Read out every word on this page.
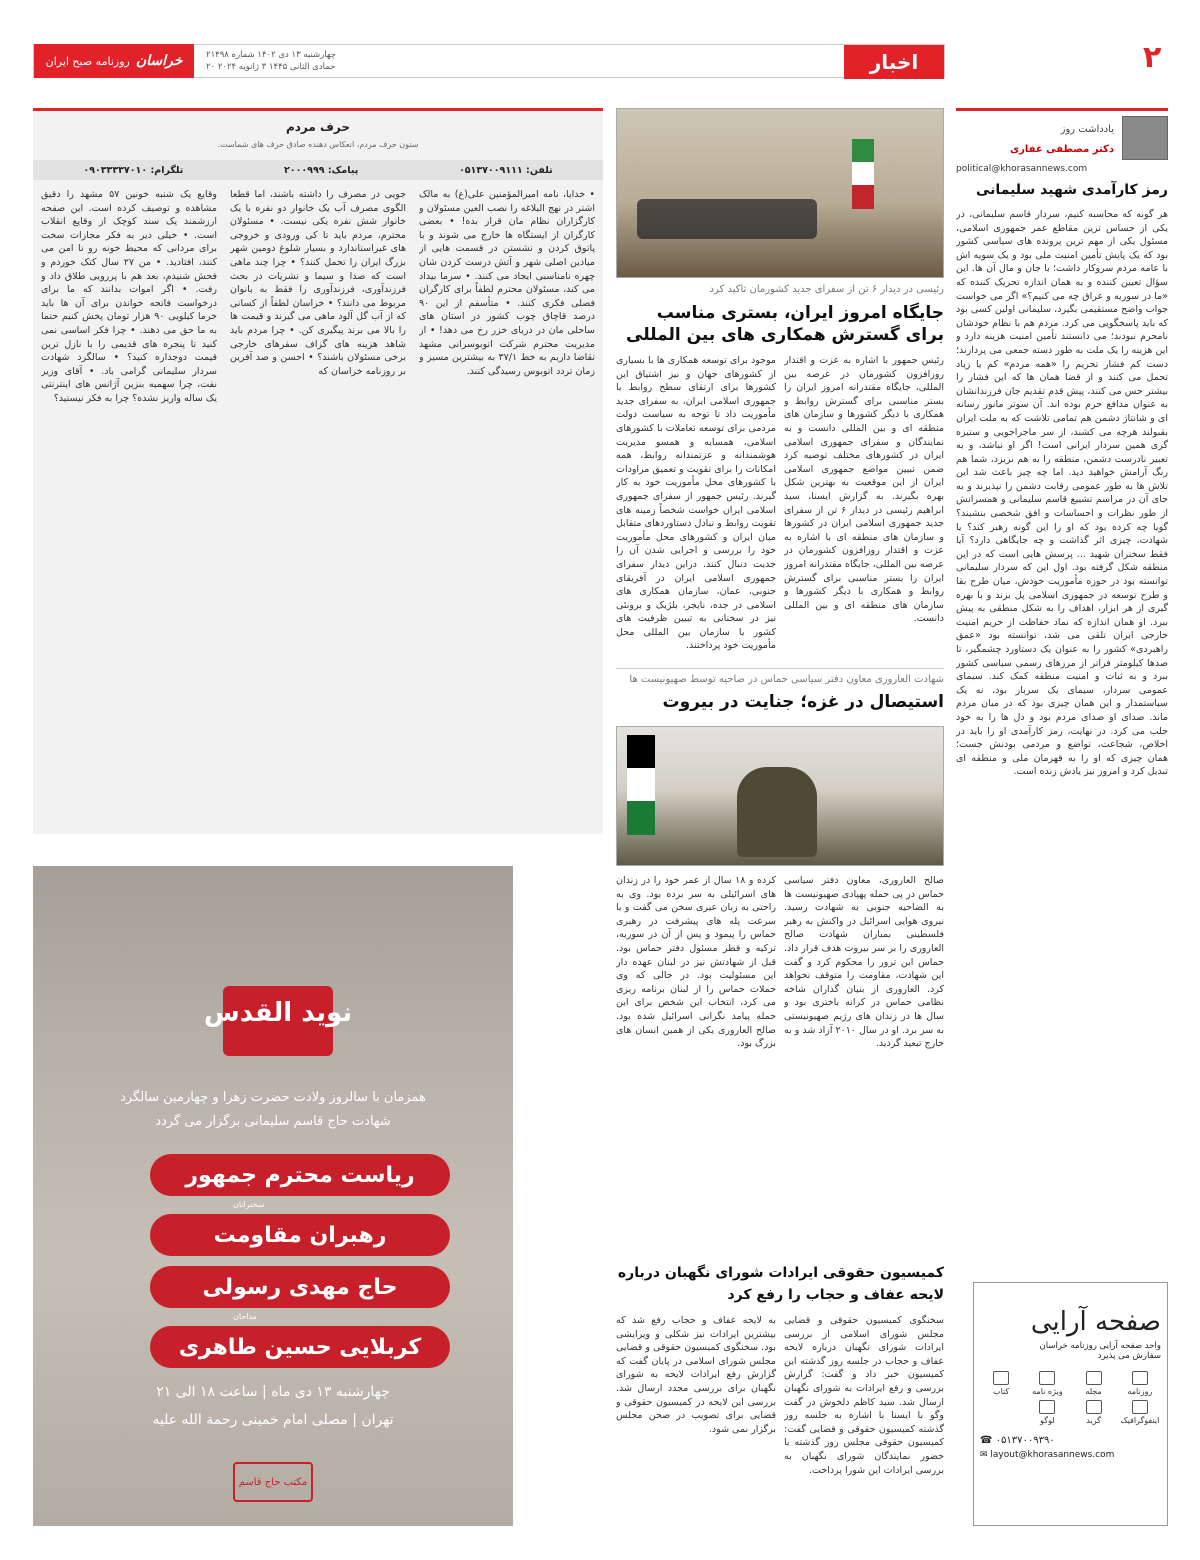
۲
روزنامه صبح ایران خراسان	چهارشنبه ۱۳ دی ۱۴۰۲ شماره ۲۱۴۹۸
۲۰ جمادی الثانی ۱۴۴۵ ۳ ژانویه ۲۰۲۴	اخبار
یادداشت روز
دکتر مصطفی غفاری
political@khorasannews.com
رمز کارآمدی شهید سلیمانی
هر گونه که محاسبه کنیم، سردار قاسم سلیمانی، در یکی از حساس ترین مقاطع عمر جمهوری اسلامی، مسئول یکی از مهم ترین پرونده های سیاسی کشور بود که یک پایش تأمین امنیت ملی بود و یک سویه اش با عامه مردم سروکار داشت؛ با جان و مال آن ها. این سؤال تعیین کننده و به همان اندازه تحریک کننده که «ما در سوریه و عراق چه می کنیم؟» اگر می خواست جواب واضح مستقیمی بگیرد، سلیمانی اولین کسی بود که باید پاسخگویی می کرد. مردم هم با نظام خودشان نامحرم نبودند؛ می دانستند تأمین امنیت هزینه دارد و این هزینه را یک ملت به طور دسته جمعی می پردازند؛ دست کم فشار تحریم را «همه مردم» کم یا زیاد تحمل می کنند و از قضا همان ها که این فشار را بیشتر حس می کنند، پیش قدم تقدیم جان فرزندانشان به عنوان مدافع حرم بوده اند. آن سوتر مانور رسانه ای و شانتاژ دشمن هم تمامی تلاشت که به ملت ایران بقبولند هرچه می کشند، از سر ماجراجویی و ستیزه گری همین سردار ایرانی است! اگر او نباشد، و به تعبیر نادرست دشمن، منطقه را به هم نریزد، شما هم رنگ آرامش خواهید دید. اما چه چیز باعث شد این تلاش ها به طور عمومی رقابت دشمن را نپذیرند و به جای آن در مراسم تشییع قاسم سلیمانی و همسرانش از طور نظرات و احساسات و افق شخصی بنشیند؟ گویا چه کرده بود که او را این گونه رهبر کند؟ یا شهادت، چیزی اثر گذاشت و چه جایگاهی دارد؟ آیا فقط سخنران شهید ... پرسش هایی است که در این منطقه شکل گرفته بود. اول این که سردار سلیمانی توانسته بود در حوزه مأموریت خودش، میان طرح بقا و طرح توسعه در جمهوری اسلامی پل بزند و با بهره گیری از هر ابزار، اهداف را به شکل منطقی به پیش ببرد. او همان اندازه که نماد حفاظت از حریم امنیت خارجی ایران تلقی می شد، توانسته بود «عمق راهبردی» کشور را به عنوان یک دستاورد چشمگیر، تا صدها کیلومتر فراتر از مرزهای رسمی سیاسی کشور ببرد و به ثبات و امنیت منطقه کمک کند. سیمای عمومی سردار، سیمای یک سرباز بود، نه یک سیاستمدار و این همان چیزی بود که در میان مردم ماند. صدای او صدای مردم بود و دل ها را به خود جلب می کرد. در نهایت، رمز کارآمدی او را باید در اخلاص، شجاعت، تواضع و مردمی بودنش جست؛ همان چیزی که او را به قهرمان ملی و منطقه ای تبدیل کرد و امروز نیز یادش زنده است.
رئیسی در دیدار ۶ تن از سفرای جدید کشورمان تاکید کرد
جایگاه امروز ایران، بستری مناسب برای گسترش همکاری های بین المللی
رئیس جمهور با اشاره به عزت و اقتدار روزافزون کشورمان در عرصه بین المللی، جایگاه مقتدرانه امروز ایران را بستر مناسبی برای گسترش روابط و همکاری با دیگر کشورها و سازمان های منطقه ای و بین المللی دانست و به نمایندگان و سفرای جمهوری اسلامی ایران در کشورهای مختلف توصیه کرد ضمن تبیین مواضع جمهوری اسلامی ایران از این موقعیت به بهترین شکل بهره بگیرند. به گزارش ایسنا، سید ابراهیم رئیسی در دیدار ۶ تن از سفرای جدید جمهوری اسلامی ایران در کشورها و سازمان های منطقه ای با اشاره به عزت و اقتدار روزافزون کشورمان در عرصه بین المللی، جایگاه مقتدرانه امروز ایران را بستر مناسبی برای گسترش روابط و همکاری با دیگر کشورها و سازمان های منطقه ای و بین المللی دانست.
موجود برای توسعه همکاری ها با بسیاری از کشورهای جهان و نیز اشتیاق این کشورها برای ارتقای سطح روابط با جمهوری اسلامی ایران، به سفرای جدید مأموریت داد تا توجه به سیاست دولت مردمی برای توسعه تعاملات با کشورهای اسلامی، همسایه و همسو مدیریت هوشمندانه و عزتمندانه روابط، همه امکانات را برای تقویت و تعمیق مراودات با کشورهای محل مأموریت خود به کار گیرند. رئیس جمهور از سفرای جمهوری اسلامی ایران خواست شخصاً زمینه های تقویت روابط و تبادل دستاوردهای متقابل میان ایران و کشورهای محل مأموریت خود را بررسی و اجرایی شدن آن را جدیت دنبال کنند. دراین دیدار سفرای جمهوری اسلامی ایران در آفریقای جنوبی، عمان، سازمان همکاری های اسلامی در جده، نایجر، بلژیک و برونئی نیز در سخنانی به تبیین ظرفیت های کشور با سازمان بین المللی محل مأموریت خود پرداختند.
شهادت العاروری معاون دفتر سیاسی حماس در ضاحیه توسط صهیونیست ها
استیصال در غزه؛ جنایت در بیروت
صالح العاروری، معاون دفتر سیاسی حماس در پی حمله پهپادی صهیونیست ها به الضاحیه جنوبی به شهادت رسید. نیروی هوایی اسرائیل در واکنش به رهبر فلسطینی بمباران شهادت صالح العاروری را بر سر بیروت هدف قرار داد. حماس این ترور را محکوم کرد و گفت این شهادت، مقاومت را متوقف نخواهد کرد. العاروری از بنیان گذاران شاخه نظامی حماس در کرانه باختری بود و سال ها در زندان های رژیم صهیونیستی به سر برد. او در سال ۲۰۱۰ آزاد شد و به خارج تبعید گردید.
کرده و ۱۸ سال از عمر خود را در زندان های اسرائیلی به سر برده بود. وی به راحتی به زبان عبری سخن می گفت و با سرعت پله های پیشرفت در رهبری حماس را پیمود و پس از آن در سوریه، ترکیه و قطر مسئول دفتر حماس بود. قبل از شهادتش نیز در لبنان عهده دار این مسئولیت بود. در حالی که وی حملات حماس را از لبنان برنامه ریزی می کرد، انتخاب این شخص برای این حمله پیامد نگرانی اسرائیل شده بود. صالح العاروری یکی از همین انسان های بزرگ بود.
حرف مردم
ستون حرف مردم، انعکاس دهنده صادق حرف های شماست.
تلفن: ۰۵۱۳۷۰۰۹۱۱۱
پیامک: ۲۰۰۰۹۹۹
تلگرام: ۰۹۰۳۳۳۳۷۰۱۰
• خدایا، نامه امیرالمؤمنین علی(ع) به مالک اشتر در نهج البلاغه را نصب العین مسئولان و کارگزاران نظام مان قرار بده! • بعضی کارگران از ایستگاه ها خارج می شوند و با پاتوق کردن و نشستن در قسمت هایی از میادین اصلی شهر و آتش درست کردن شان چهره نامناسبی ایجاد می کنند. • سرما بیداد می کند، مسئولان محترم لطفاً برای کارگران فصلی فکری کنند. • متأسفم از این ۹۰ درصد قاچاق چوب کشور در استان های ساحلی مان در دریای خزر رخ می دهد! • از مدیریت محترم شرکت اتوبوسرانی مشهد تقاضا داریم به خط ۳۷/۱ به بیشترین مسیر و زمان تردد اتوبوس رسیدگی کنند.
جویی در مصرف را داشته باشند، اما قطعا الگوی مصرف آب یک خانوار دو نفره با یک خانوار شش نفره یکی نیست. • مسئولان محترم، مردم باید تا کی ورودی و خروجی های غیراستاندارد و بسیار شلوغ دومین شهر بزرگ ایران را تحمل کنند؟ • چرا چند ماهی است که صدا و سیما و نشریات در بحث فرزندآوری، فرزندآوری را فقط به بانوان مربوط می دانند؟ • خراسان لطفاً از کسانی که از آب گل آلود ماهی می گیرند و قیمت ها را بالا می برند پیگیری کن. • چرا مردم باید شاهد هزینه های گزاف سفرهای خارجی برخی مسئولان باشند؟ • احسن و صد آفرین بر روزنامه خراسان که
وقایع یک شنبه خونین ۵۷ مشهد را دقیق مشاهده و توصیف کرده است. این صفحه ارزشمند یک سند کوچک از وقایع انقلاب است. • خیلی دیر به فکر مجازات سخت برای مردانی که محیط خونه رو نا امن می کنند، افتادید. • من ۲۷ سال کتک خوردم و فحش شنیدم، بعد هم با پررویی طلاق داد و رفت. • اگر اموات بدانند که ما برای درخواست فاتحه خواندن برای آن ها باید خرما کیلویی ۹۰ هزار تومان پخش کنیم حتما به ما حق می دهند. • چرا فکر اساسی نمی کنید تا پنجره های قدیمی را با نازل ترین قیمت دوجداره کنید؟ • سالگرد شهادت سردار سلیمانی گرامی باد. • آقای وزیر نفت، چرا سهمیه بنزین آژانس های اینترنتی یک ساله واریز نشده؟ چرا به فکر نیستید؟
نوید القدس
همزمان با سالروز ولادت حضرت زهرا و چهارمین سالگرد
شهادت حاج قاسم سلیمانی برگزار می گردد
ریاست محترم جمهور
سخنرانان
رهبران مقاومت
حاج مهدی رسولی
مداحان
کربلایی حسین طاهری
چهارشنبه ۱۳ دی ماه | ساعت ۱۸ الی ۲۱
تهران | مصلی امام خمینی رحمة الله علیه
مکتب حاج قاسم
کمیسیون حقوقی ایرادات شورای نگهبان درباره لایحه عفاف و حجاب را رفع کرد
سخنگوی کمیسیون حقوقی و قضایی مجلس شورای اسلامی از بررسی ایرادات شورای نگهبان درباره لایحه عفاف و حجاب در جلسه روز گذشته این کمیسیون خبر داد و گفت: گزارش بررسی و رفع ایرادات به شورای نگهبان ارسال شد. سید کاظم دلخوش در گفت وگو با ایسنا با اشاره به جلسه روز گذشته کمیسیون حقوقی و قضایی گفت: کمیسیون حقوقی مجلس روز گذشته با حضور نمایندگان شورای نگهبان به بررسی ایرادات این شورا پرداخت.
به لایحه عفاف و حجاب رفع شد که بیشترین ایرادات نیز شکلی و ویرایشی بود. سخنگوی کمیسیون حقوقی و قضایی مجلس شورای اسلامی در پایان گفت که گزارش رفع ایرادات لایحه به شورای نگهبان برای بررسی مجدد ارسال شد. بررسی این لایحه در کمیسیون حقوقی و قضایی برای تصویب در صحن مجلس برگزار نمی شود.
صفحه آرایی
واحد صفحه آرایی روزنامه خراسان
سفارش می پذیرد
روزنامه
مجله
ویژه نامه
کتاب
اینفوگرافیک
گرید
لوگو
☎ ۰۵۱۳۷۰۰۹۳۹۰
✉ layout@khorasannews.com
